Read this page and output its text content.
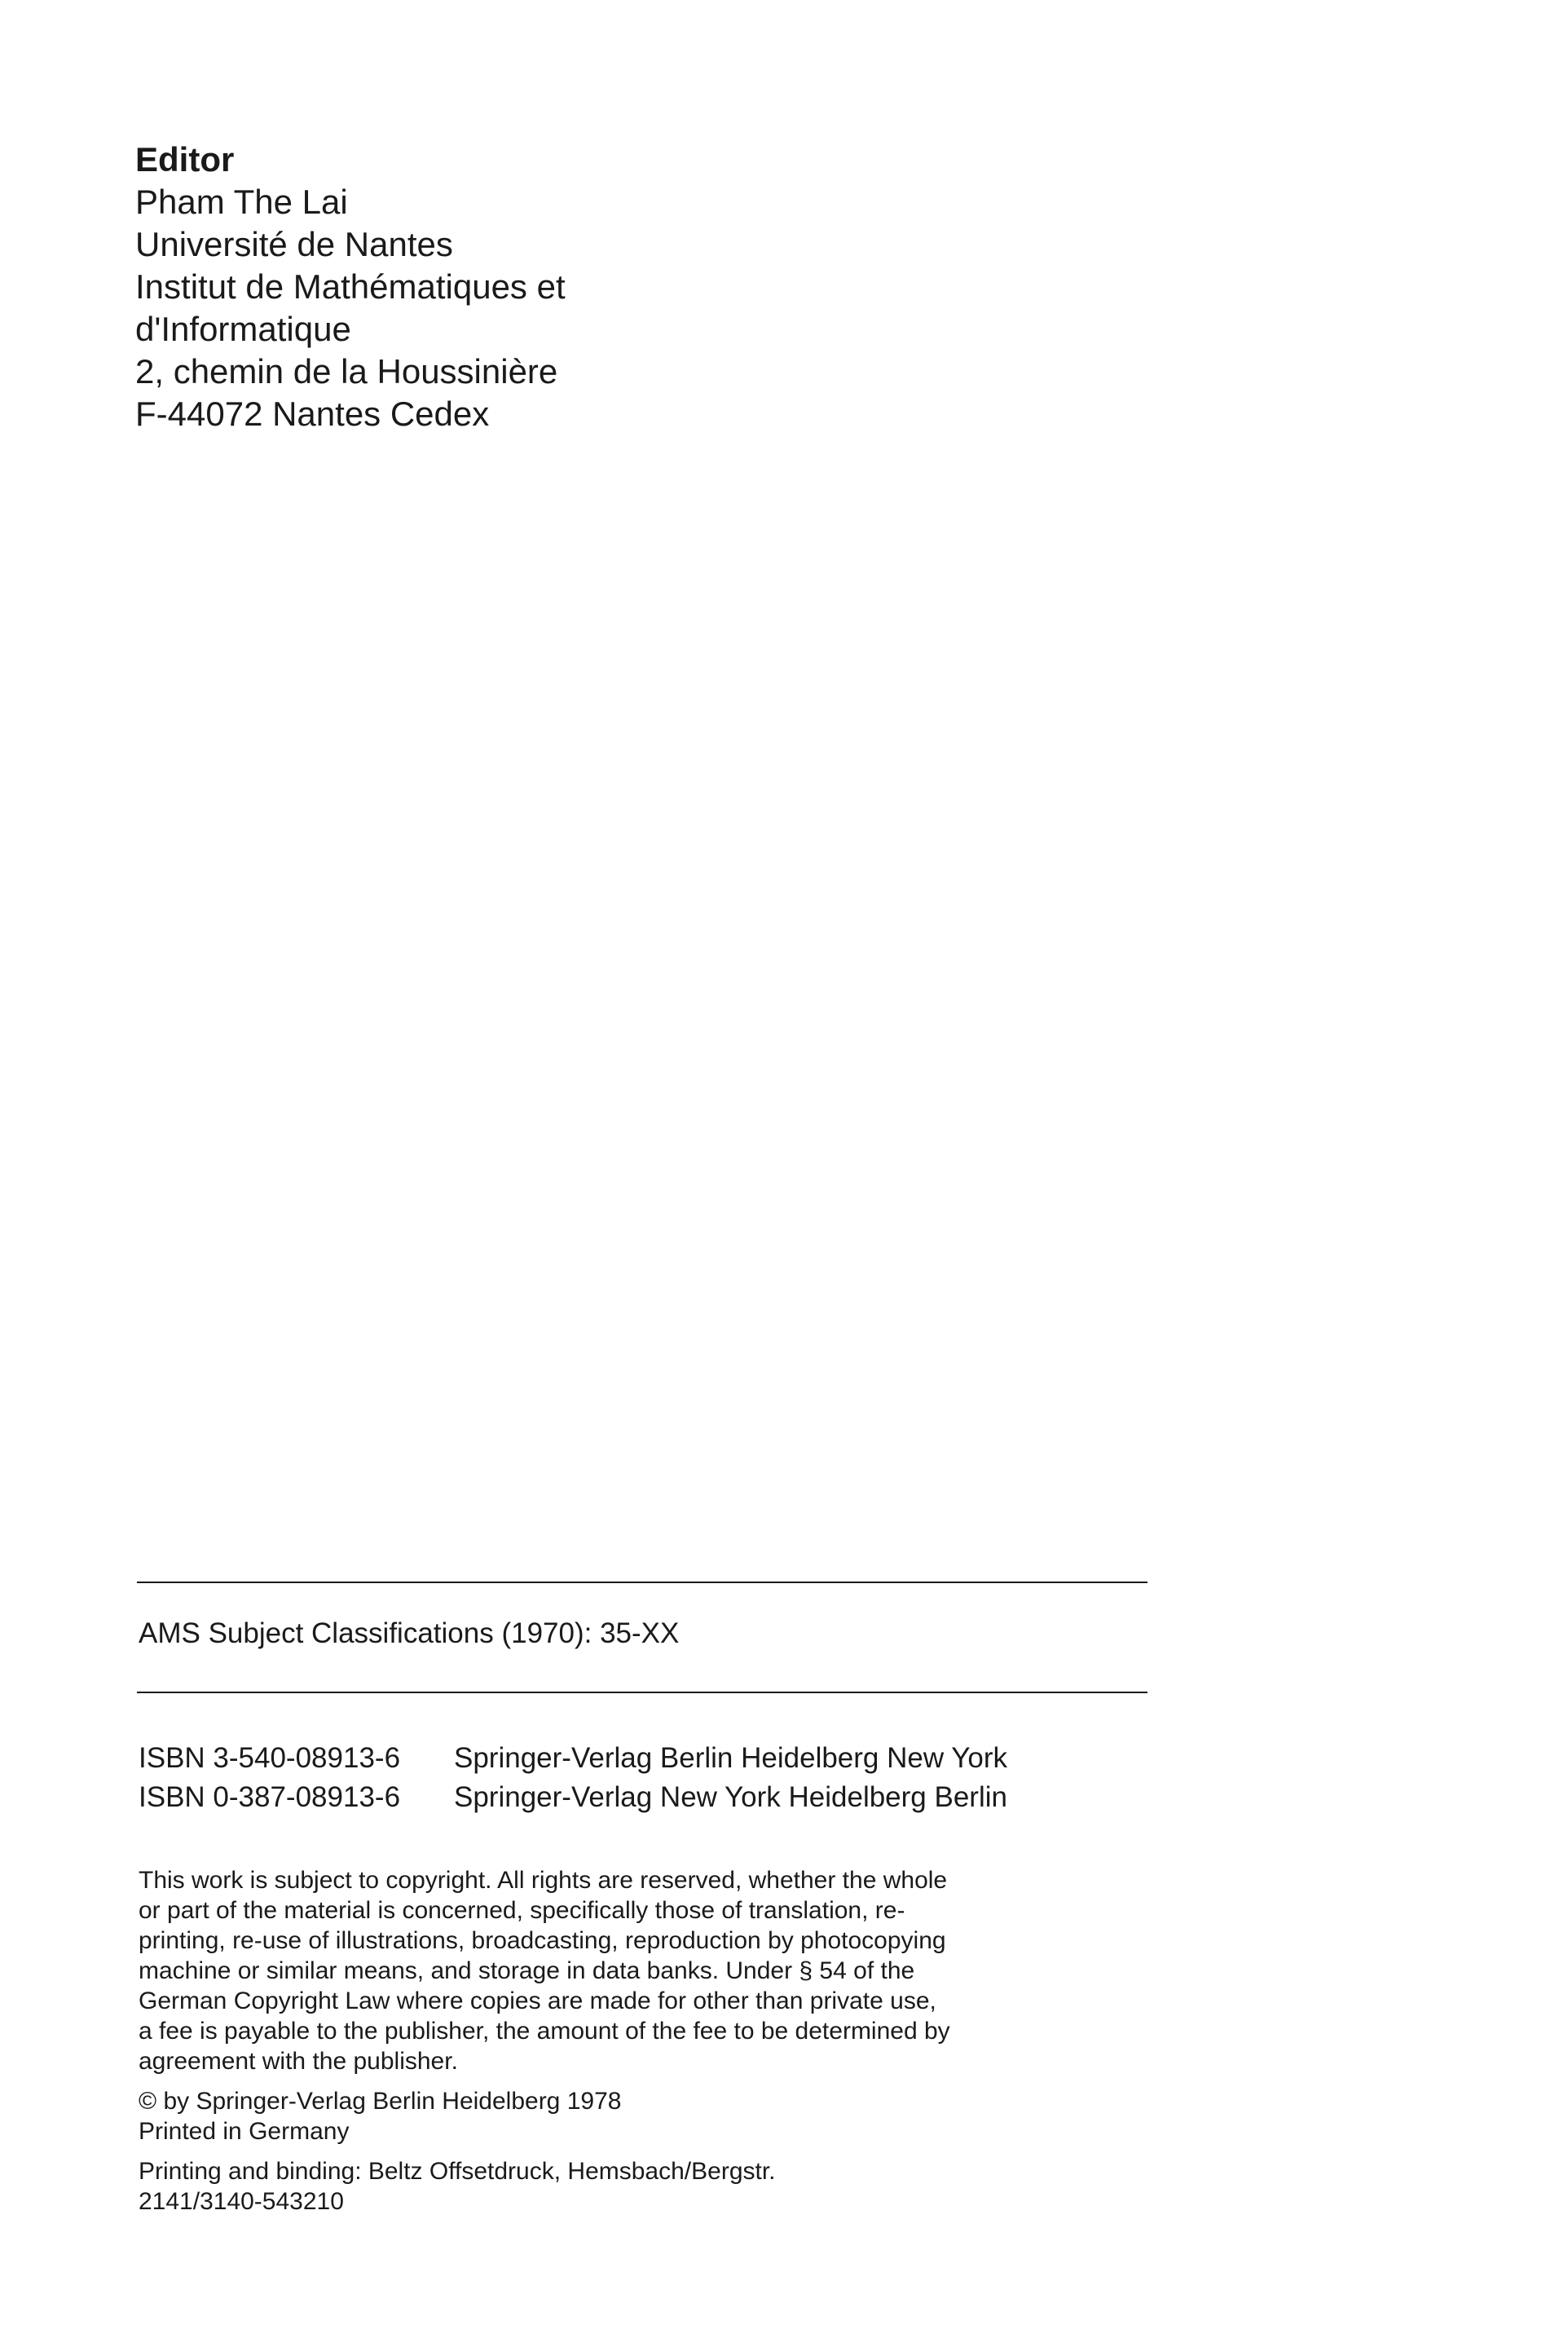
Editor

Pham The Lai

Université de Nantes

Institut de Mathématiques et

d'Informatique

2, chemin de la Houssinière

F-44072 Nantes Cedex

AMS Subject Classifications (1970): 35-XX

ISBN 3-540-08913-6 Springer-Verlag Berlin Heidelberg New York

ISBN 0-387-08913-6 Springer-Verlag New York Heidelberg Berlin

This work is subject to copyright. All rights are reserved, whether the whole

or part of the material is concerned, specifically those of translation, re-

printing, re-use of illustrations, broadcasting, reproduction by photocopying

machine or similar means, and storage in data banks. Under § 54 of the

German Copyright Law where copies are made for other than private use,

a fee is payable to the publisher, the amount of the fee to be determined by

agreement with the publisher.

© by Springer-Verlag Berlin Heidelberg 1978

Printed in Germany

Printing and binding: Beltz Offsetdruck, Hemsbach/Bergstr.

2141/3140-543210
